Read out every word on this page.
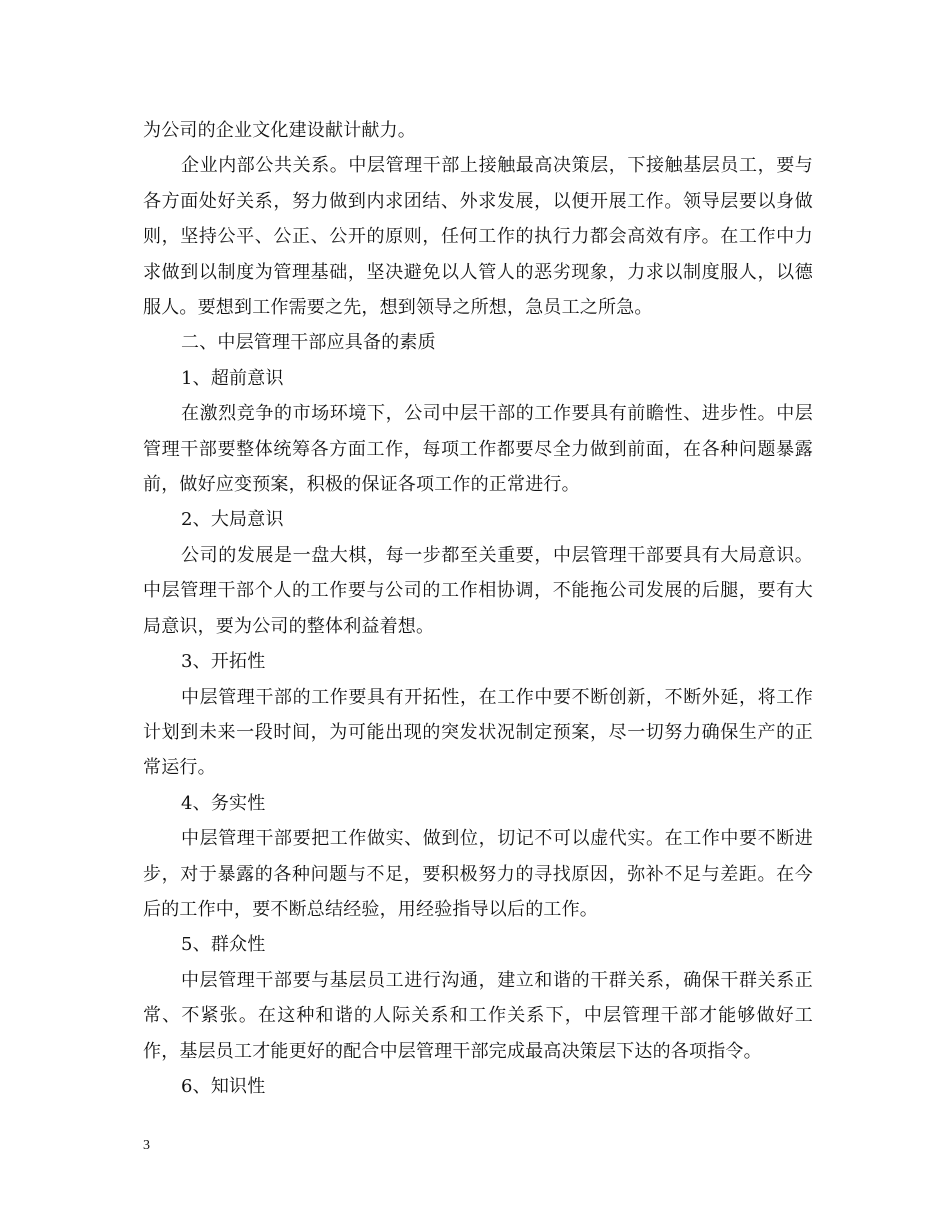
为公司的企业文化建设献计献力。

企业内部公共关系。中层管理干部上接触最高决策层，下接触基层员工，要与各方面处好关系，努力做到内求团结、外求发展，以便开展工作。领导层要以身做则，坚持公平、公正、公开的原则，任何工作的执行力都会高效有序。在工作中力求做到以制度为管理基础，坚决避免以人管人的恶劣现象，力求以制度服人，以德服人。要想到工作需要之先，想到领导之所想，急员工之所急。

二、中层管理干部应具备的素质

1、超前意识

在激烈竞争的市场环境下，公司中层干部的工作要具有前瞻性、进步性。中层管理干部要整体统筹各方面工作，每项工作都要尽全力做到前面，在各种问题暴露前，做好应变预案，积极的保证各项工作的正常进行。

2、大局意识

公司的发展是一盘大棋，每一步都至关重要，中层管理干部要具有大局意识。中层管理干部个人的工作要与公司的工作相协调，不能拖公司发展的后腿，要有大局意识，要为公司的整体利益着想。

3、开拓性

中层管理干部的工作要具有开拓性，在工作中要不断创新，不断外延，将工作计划到未来一段时间，为可能出现的突发状况制定预案，尽一切努力确保生产的正常运行。

4、务实性

中层管理干部要把工作做实、做到位，切记不可以虚代实。在工作中要不断进步，对于暴露的各种问题与不足，要积极努力的寻找原因，弥补不足与差距。在今后的工作中，要不断总结经验，用经验指导以后的工作。

5、群众性

中层管理干部要与基层员工进行沟通，建立和谐的干群关系，确保干群关系正常、不紧张。在这种和谐的人际关系和工作关系下，中层管理干部才能够做好工作，基层员工才能更好的配合中层管理干部完成最高决策层下达的各项指令。

6、知识性

3
